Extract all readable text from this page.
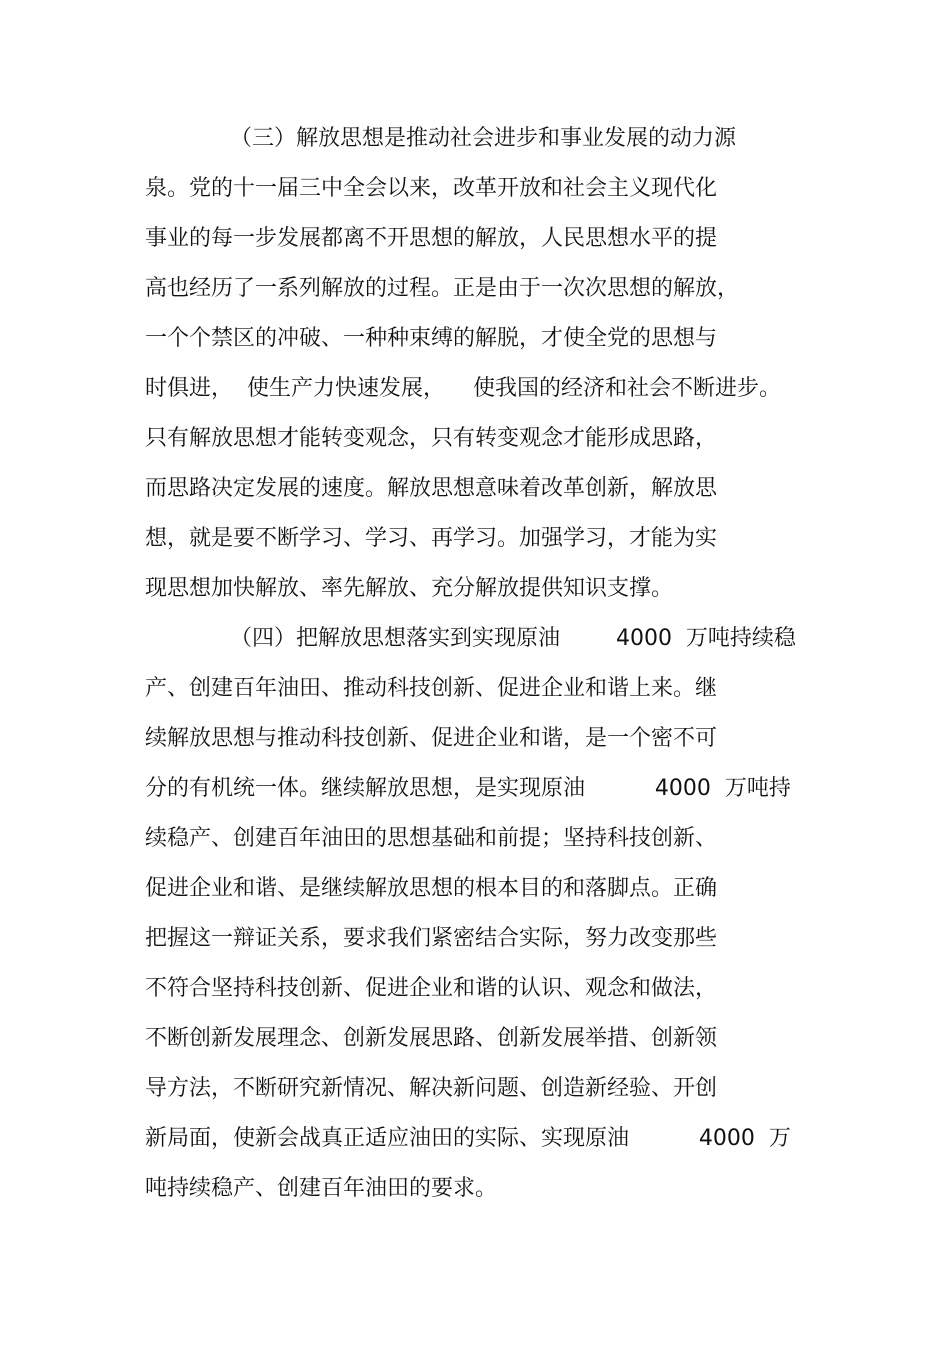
（三）解放思想是推动社会进步和事业发展的动力源
泉。党的十一届三中全会以来，改革开放和社会主义现代化
事业的每一步发展都离不开思想的解放，人民思想水平的提
高也经历了一系列解放的过程。正是由于一次次思想的解放，
一个个禁区的冲破、一种种束缚的解脱，才使全党的思想与
时俱进，  使生产力快速发展，    使我国的经济和社会不断进步。
只有解放思想才能转变观念，只有转变观念才能形成思路，
而思路决定发展的速度。解放思想意味着改革创新，解放思
想，就是要不断学习、学习、再学习。加强学习，才能为实
现思想加快解放、率先解放、充分解放提供知识支撑。
（四）把解放思想落实到实现原油        4000  万吨持续稳
产、创建百年油田、推动科技创新、促进企业和谐上来。继
续解放思想与推动科技创新、促进企业和谐，是一个密不可
分的有机统一体。继续解放思想，是实现原油          4000  万吨持
续稳产、创建百年油田的思想基础和前提；坚持科技创新、
促进企业和谐、是继续解放思想的根本目的和落脚点。正确
把握这一辩证关系，要求我们紧密结合实际，努力改变那些
不符合坚持科技创新、促进企业和谐的认识、观念和做法，
不断创新发展理念、创新发展思路、创新发展举措、创新领
导方法，不断研究新情况、解决新问题、创造新经验、开创
新局面，使新会战真正适应油田的实际、实现原油          4000  万
吨持续稳产、创建百年油田的要求。
